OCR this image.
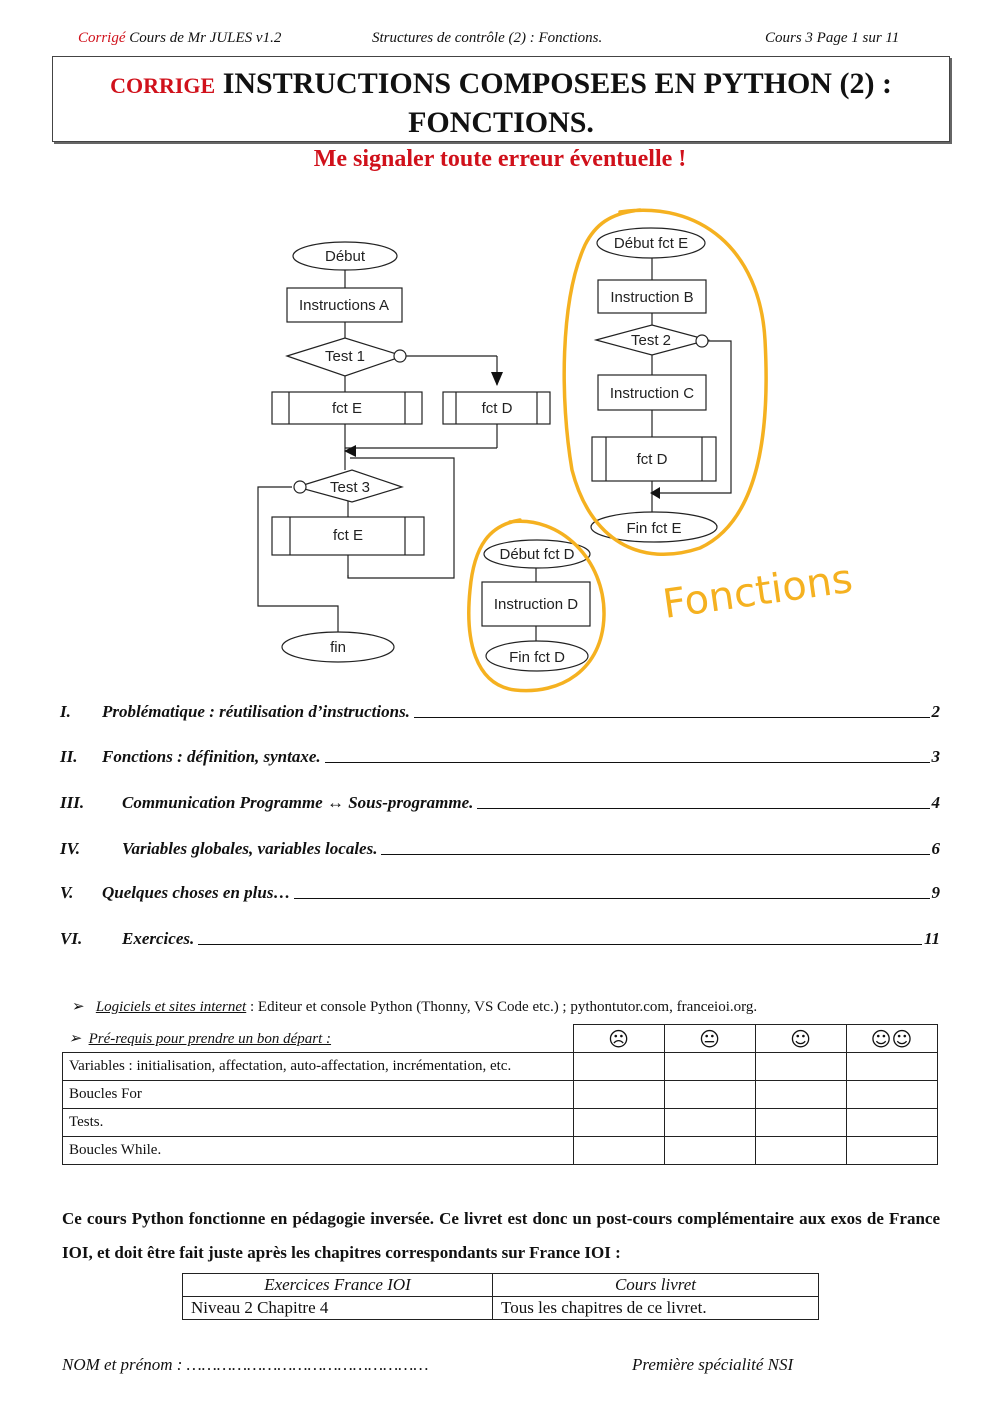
Corrigé Cours de Mr JULES v1.2	Structures de contrôle (2) : Fonctions.	Cours 3 Page 1 sur 11
CORRIGE INSTRUCTIONS COMPOSEES EN PYTHON (2) :
FONCTIONS.
Me signaler toute erreur éventuelle !
Début
Instructions A
Test 1
fct E	fct D
Test 3
fct E
fin
Début fct E
Instruction B
Test 2
Instruction C
fct D
Fin fct E
Début fct D
Instruction D
Fin fct D
Fonctions
I.	Problématique : réutilisation d’instructions.	2
II.	Fonctions : définition, syntaxe.	3
III.	Communication Programme ↔ Sous-programme.	4
IV.	Variables globales, variables locales.	6
V.	Quelques choses en plus…	9
VI.	Exercices.	11
➢ Logiciels et sites internet : Editeur et console Python (Thonny, VS Code etc.) ; pythontutor.com, franceioi.org.
➢ Pré-requis pour prendre un bon départ :	☹	😐	☺	☺☺
Variables : initialisation, affectation, auto-affectation, incrémentation, etc.				
Boucles For				
Tests.				
Boucles While.				
Ce cours Python fonctionne en pédagogie inversée. Ce livret est donc un post-cours complémentaire aux exos de France IOI, et doit être fait juste après les chapitres correspondants sur France IOI :
Exercices France IOI	Cours livret
Niveau 2 Chapitre 4	Tous les chapitres de ce livret.
NOM et prénom : …………………………………………	Première spécialité NSI
